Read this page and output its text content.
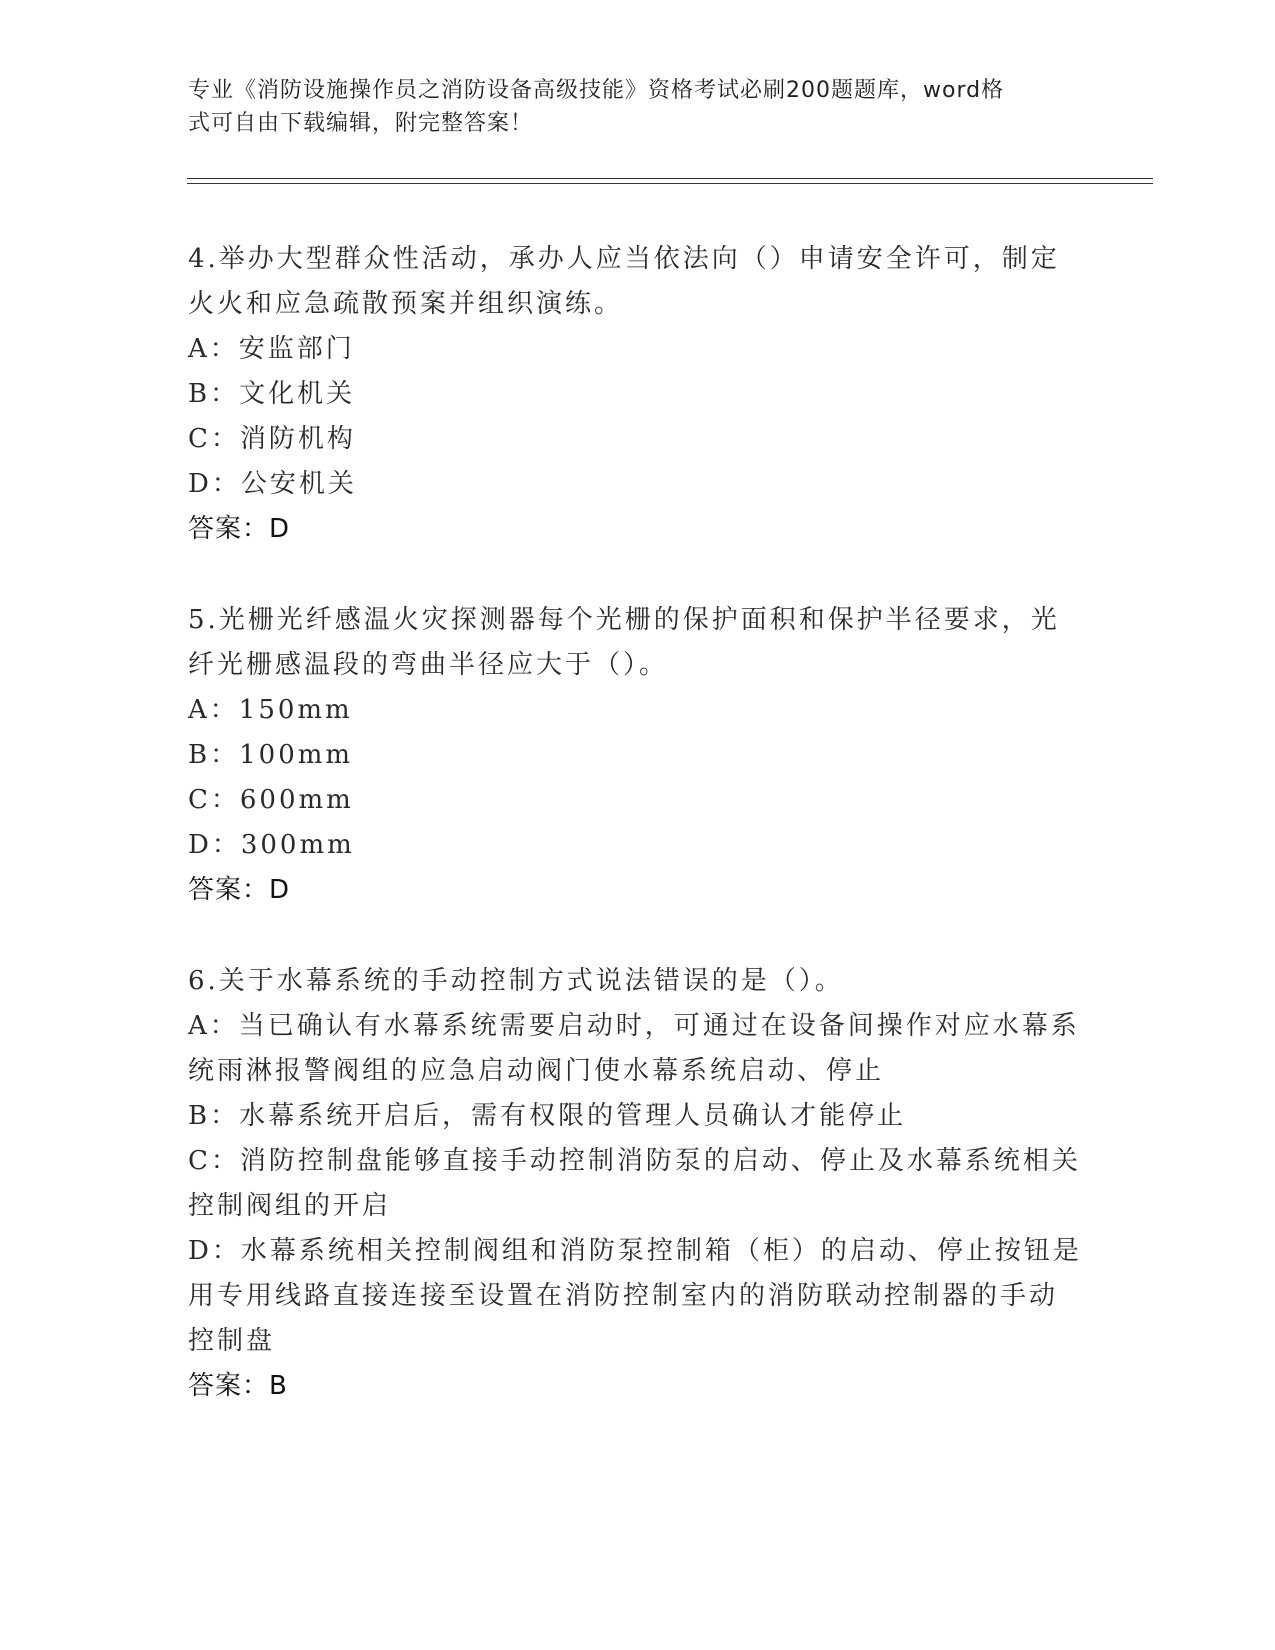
专业《消防设施操作员之消防设备高级技能》资格考试必刷200题题库，word格
式可自由下载编辑，附完整答案！

4.举办大型群众性活动，承办人应当依法向（）申请安全许可，制定

火火和应急疏散预案并组织演练。

A：安监部门

B：文化机关

C：消防机构

D：公安机关

答案：D

5.光栅光纤感温火灾探测器每个光栅的保护面积和保护半径要求，光

纤光栅感温段的弯曲半径应大于（）。

A：150mm

B：100mm

C：600mm

D：300mm

答案：D

6.关于水幕系统的手动控制方式说法错误的是（）。

A：当已确认有水幕系统需要启动时，可通过在设备间操作对应水幕系

统雨淋报警阀组的应急启动阀门使水幕系统启动、停止

B：水幕系统开启后，需有权限的管理人员确认才能停止

C：消防控制盘能够直接手动控制消防泵的启动、停止及水幕系统相关

控制阀组的开启

D：水幕系统相关控制阀组和消防泵控制箱（柜）的启动、停止按钮是

用专用线路直接连接至设置在消防控制室内的消防联动控制器的手动

控制盘

答案：B
